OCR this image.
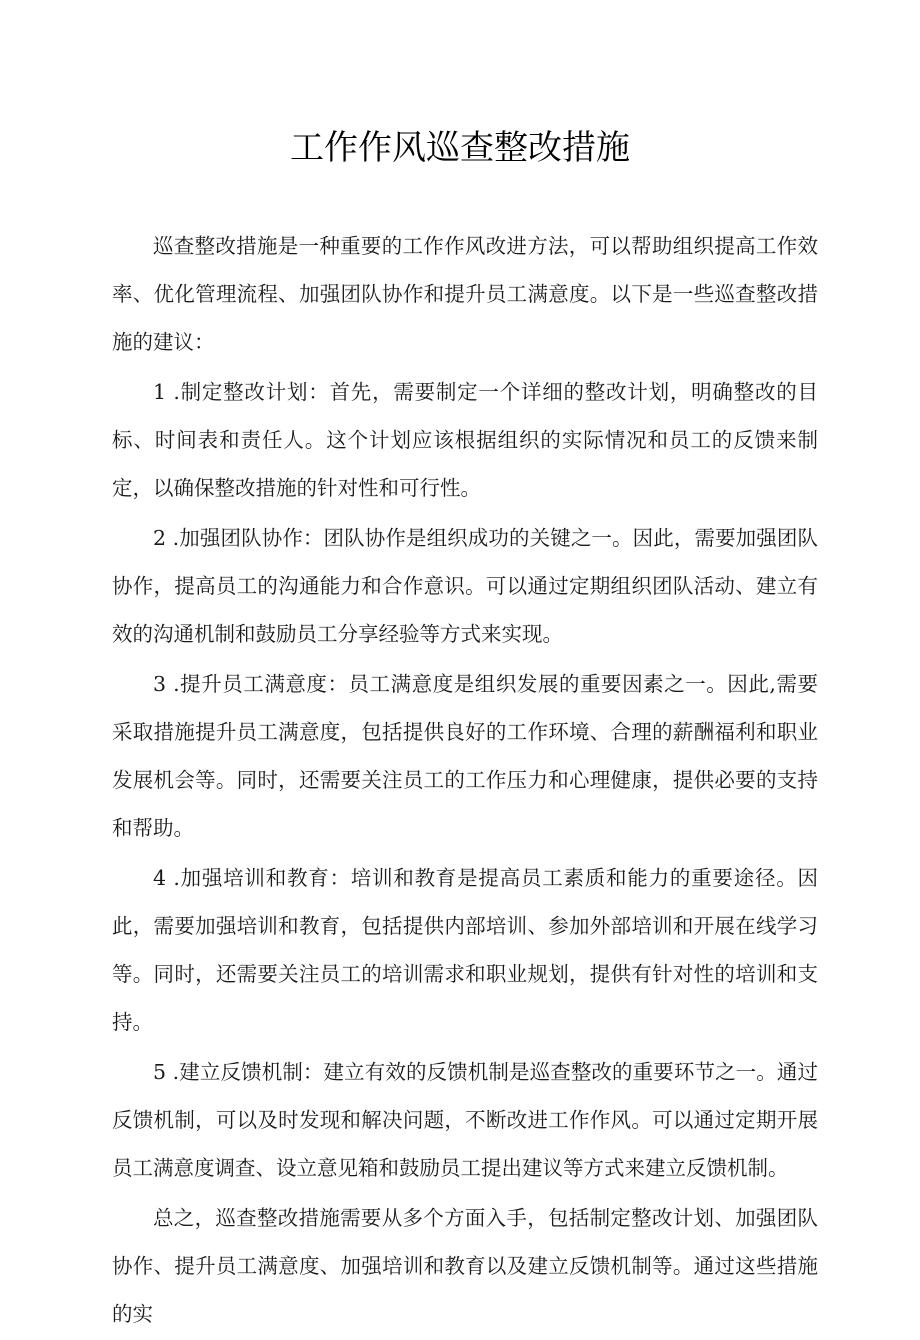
工作作风巡查整改措施

巡查整改措施是一种重要的工作作风改进方法，可以帮助组织提高工作效率、优化管理流程、加强团队协作和提升员工满意度。以下是一些巡查整改措施的建议：

1 .制定整改计划：首先，需要制定一个详细的整改计划，明确整改的目标、时间表和责任人。这个计划应该根据组织的实际情况和员工的反馈来制定，以确保整改措施的针对性和可行性。

2 .加强团队协作：团队协作是组织成功的关键之一。因此，需要加强团队协作，提高员工的沟通能力和合作意识。可以通过定期组织团队活动、建立有效的沟通机制和鼓励员工分享经验等方式来实现。

3 .提升员工满意度：员工满意度是组织发展的重要因素之一。因此,需要采取措施提升员工满意度，包括提供良好的工作环境、合理的薪酬福利和职业发展机会等。同时，还需要关注员工的工作压力和心理健康，提供必要的支持和帮助。

4 .加强培训和教育：培训和教育是提高员工素质和能力的重要途径。因此，需要加强培训和教育，包括提供内部培训、参加外部培训和开展在线学习等。同时，还需要关注员工的培训需求和职业规划，提供有针对性的培训和支持。

5 .建立反馈机制：建立有效的反馈机制是巡查整改的重要环节之一。通过反馈机制，可以及时发现和解决问题，不断改进工作作风。可以通过定期开展员工满意度调查、设立意见箱和鼓励员工提出建议等方式来建立反馈机制。

总之，巡查整改措施需要从多个方面入手，包括制定整改计划、加强团队协作、提升员工满意度、加强培训和教育以及建立反馈机制等。通过这些措施的实
